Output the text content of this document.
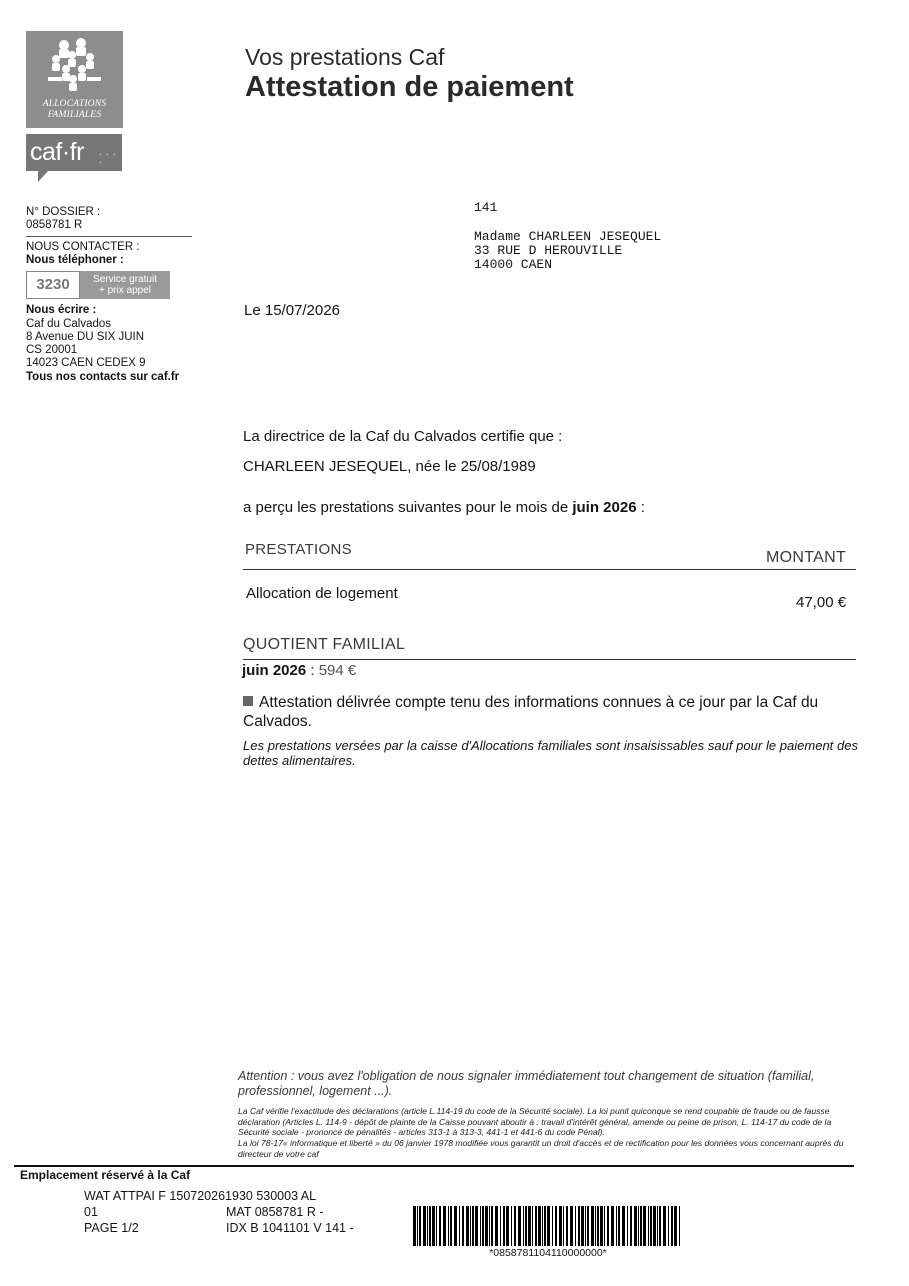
ALLOCATIONS
FAMILIALES
caf·fr • • • •
Vos prestations Caf
Attestation de paiement
N° DOSSIER :
0858781 R
NOUS CONTACTER :
Nous téléphoner :
3230	Service gratuit
+ prix appel
Nous écrire :
Caf du Calvados
8 Avenue DU SIX JUIN
CS 20001
14023 CAEN CEDEX 9
Tous nos contacts sur caf.fr
141
Madame CHARLEEN JESEQUEL
33 RUE D HEROUVILLE
14000 CAEN
Le 15/07/2026
La directrice de la Caf du Calvados certifie que :
CHARLEEN JESEQUEL, née le 25/08/1989
a perçu les prestations suivantes pour le mois de juin 2026 :
PRESTATIONS	MONTANT
Allocation de logement
47,00 €
QUOTIENT FAMILIAL
juin 2026 : 594 €
Attestation délivrée compte tenu des informations connues à ce jour par la Caf du Calvados.
Les prestations versées par la caisse d'Allocations familiales sont insaisissables sauf pour le paiement des dettes alimentaires.
Attention : vous avez l'obligation de nous signaler immédiatement tout changement de situation (familial, professionnel, logement ...).
La Caf vérifie l'exactitude des déclarations (article L.114-19 du code de la Sécurité sociale). La loi punit quiconque se rend coupable de fraude ou de fausse déclaration (Articles L. 114-9 - dépôt de plainte de la Caisse pouvant aboutir à : travail d'intérêt général, amende ou peine de prison, L. 114-17 du code de la Sécurité sociale - prononcé de pénalités - articles 313-1 à 313-3, 441-1 et 441-6 du code Pénal).
La loi 78-17« informatique et liberté » du 06 janvier 1978 modifiée vous garantit un droit d'accès et de rectification pour les données vous concernant auprès du directeur de votre caf
Emplacement réservé à la Caf
WAT ATTPAI F 150720261930 530003 AL
01
PAGE 1/2
MAT 0858781 R -
IDX B 1041101 V 141 -
*0858781104110000000*
